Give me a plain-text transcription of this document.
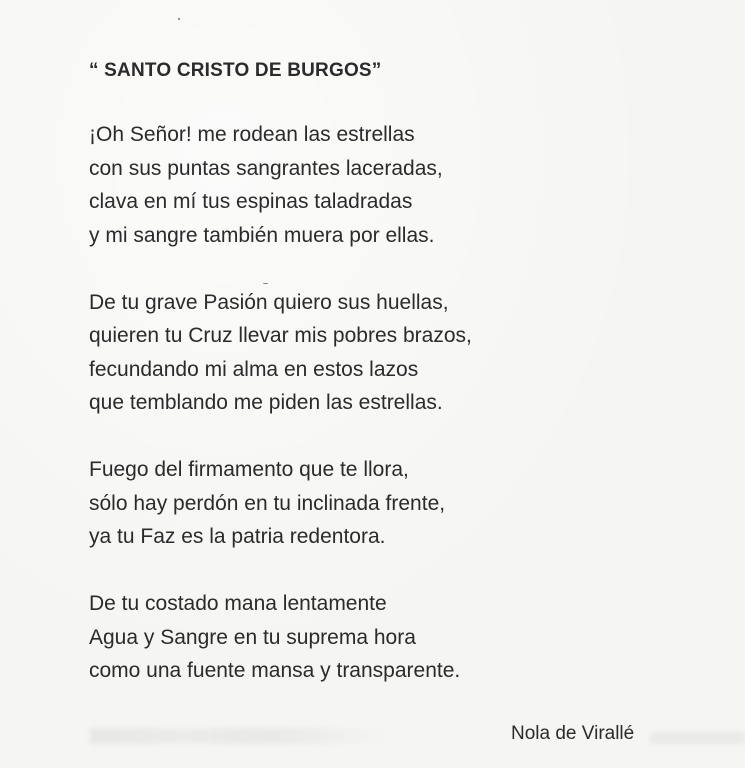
“ SANTO CRISTO DE BURGOS”
¡Oh Señor! me rodean las estrellas
con sus puntas sangrantes laceradas,
clava en mí tus espinas taladradas
y mi sangre también muera por ellas.
De tu grave Pasión quiero sus huellas,
quieren tu Cruz llevar mis pobres brazos,
fecundando mi alma en estos lazos
que temblando me piden las estrellas.
Fuego del firmamento que te llora,
sólo hay perdón en tu inclinada frente,
ya tu Faz es la patria redentora.
De tu costado mana lentamente
Agua y Sangre en tu suprema hora
como una fuente mansa y transparente.
Nola de Virallé
